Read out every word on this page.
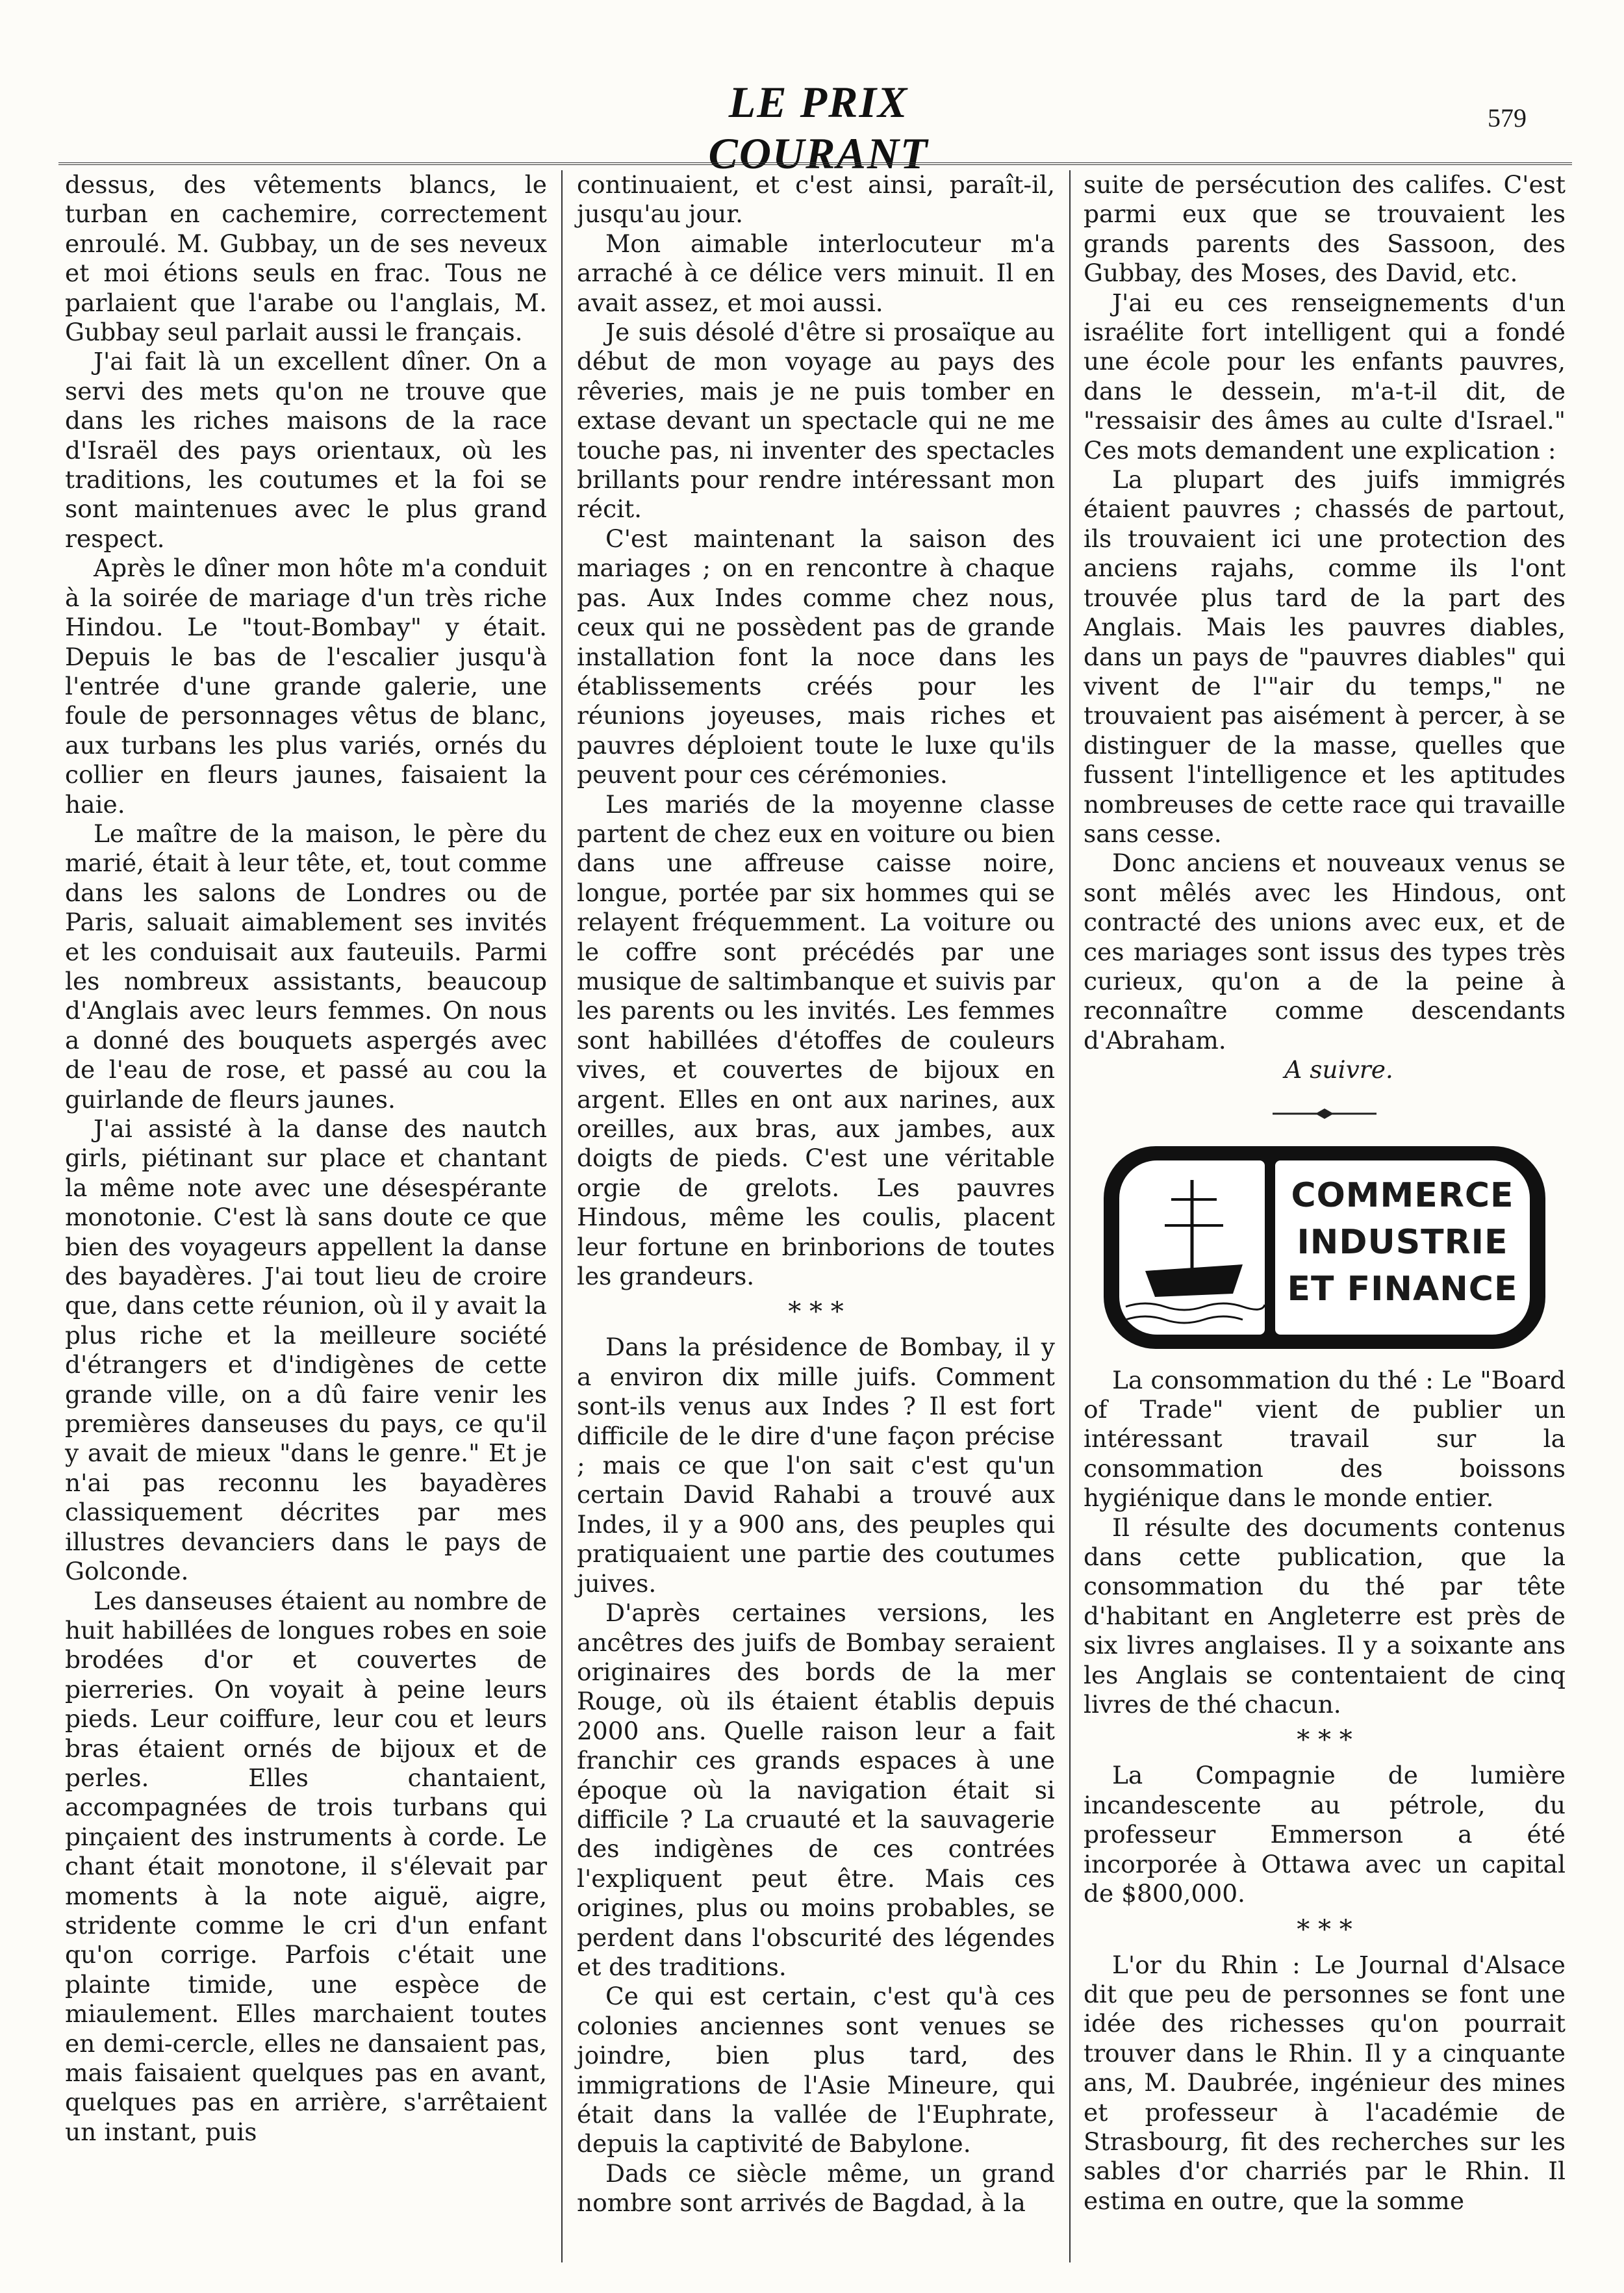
LE PRIX COURANT
579

dessus, des vêtements blancs, le turban en cachemire, correctement enroulé. M. Gubbay, un de ses neveux et moi étions seuls en frac. Tous ne parlaient que l'arabe ou l'anglais, M. Gubbay seul parlait aussi le français.

J'ai fait là un excellent dîner. On a servi des mets qu'on ne trouve que dans les riches maisons de la race d'Israël des pays orientaux, où les traditions, les coutumes et la foi se sont maintenues avec le plus grand respect.

Après le dîner mon hôte m'a conduit à la soirée de mariage d'un très riche Hindou. Le "tout-Bombay" y était. Depuis le bas de l'escalier jusqu'à l'entrée d'une grande galerie, une foule de personnages vêtus de blanc, aux turbans les plus variés, ornés du collier en fleurs jaunes, faisaient la haie.

Le maître de la maison, le père du marié, était à leur tête, et, tout comme dans les salons de Londres ou de Paris, saluait aimablement ses invités et les conduisait aux fauteuils. Parmi les nombreux assistants, beaucoup d'Anglais avec leurs femmes. On nous a donné des bouquets aspergés avec de l'eau de rose, et passé au cou la guirlande de fleurs jaunes.

J'ai assisté à la danse des nautch girls, piétinant sur place et chantant la même note avec une désespérante monotonie. C'est là sans doute ce que bien des voyageurs appellent la danse des bayadères. J'ai tout lieu de croire que, dans cette réunion, où il y avait la plus riche et la meilleure société d'étrangers et d'indigènes de cette grande ville, on a dû faire venir les premières danseuses du pays, ce qu'il y avait de mieux "dans le genre." Et je n'ai pas reconnu les bayadères classiquement décrites par mes illustres devanciers dans le pays de Golconde.

Les danseuses étaient au nombre de huit habillées de longues robes en soie brodées d'or et couvertes de pierreries. On voyait à peine leurs pieds. Leur coiffure, leur cou et leurs bras étaient ornés de bijoux et de perles. Elles chantaient, accompagnées de trois turbans qui pinçaient des instruments à corde. Le chant était monotone, il s'élevait par moments à la note aiguë, aigre, stridente comme le cri d'un enfant qu'on corrige. Parfois c'était une plainte timide, une espèce de miaulement. Elles marchaient toutes en demi-cercle, elles ne dansaient pas, mais faisaient quelques pas en avant, quelques pas en arrière, s'arrêtaient un instant, puis

continuaient, et c'est ainsi, paraît-il, jusqu'au jour.

Mon aimable interlocuteur m'a arraché à ce délice vers minuit. Il en avait assez, et moi aussi.

Je suis désolé d'être si prosaïque au début de mon voyage au pays des rêveries, mais je ne puis tomber en extase devant un spectacle qui ne me touche pas, ni inventer des spectacles brillants pour rendre intéressant mon récit.

C'est maintenant la saison des mariages ; on en rencontre à chaque pas. Aux Indes comme chez nous, ceux qui ne possèdent pas de grande installation font la noce dans les établissements créés pour les réunions joyeuses, mais riches et pauvres déploient toute le luxe qu'ils peuvent pour ces cérémonies.

Les mariés de la moyenne classe partent de chez eux en voiture ou bien dans une affreuse caisse noire, longue, portée par six hommes qui se relayent fréquemment. La voiture ou le coffre sont précédés par une musique de saltimbanque et suivis par les parents ou les invités. Les femmes sont habillées d'étoffes de couleurs vives, et couvertes de bijoux en argent. Elles en ont aux narines, aux oreilles, aux bras, aux jambes, aux doigts de pieds. C'est une véritable orgie de grelots. Les pauvres Hindous, même les coulis, placent leur fortune en brinborions de toutes les grandeurs.

* * *

Dans la présidence de Bombay, il y a environ dix mille juifs. Comment sont-ils venus aux Indes ? Il est fort difficile de le dire d'une façon précise ; mais ce que l'on sait c'est qu'un certain David Rahabi a trouvé aux Indes, il y a 900 ans, des peuples qui pratiquaient une partie des coutumes juives.

D'après certaines versions, les ancêtres des juifs de Bombay seraient originaires des bords de la mer Rouge, où ils étaient établis depuis 2000 ans. Quelle raison leur a fait franchir ces grands espaces à une époque où la navigation était si difficile ? La cruauté et la sauvagerie des indigènes de ces contrées l'expliquent peut être. Mais ces origines, plus ou moins probables, se perdent dans l'obscurité des légendes et des traditions.

Ce qui est certain, c'est qu'à ces colonies anciennes sont venues se joindre, bien plus tard, des immigrations de l'Asie Mineure, qui était dans la vallée de l'Euphrate, depuis la captivité de Babylone.

Dads ce siècle même, un grand nombre sont arrivés de Bagdad, à la

suite de persécution des califes. C'est parmi eux que se trouvaient les grands parents des Sassoon, des Gubbay, des Moses, des David, etc.

J'ai eu ces renseignements d'un israélite fort intelligent qui a fondé une école pour les enfants pauvres, dans le dessein, m'a-t-il dit, de "ressaisir des âmes au culte d'Israel." Ces mots demandent une explication :

La plupart des juifs immigrés étaient pauvres ; chassés de partout, ils trouvaient ici une protection des anciens rajahs, comme ils l'ont trouvée plus tard de la part des Anglais. Mais les pauvres diables, dans un pays de "pauvres diables" qui vivent de l'"air du temps," ne trouvaient pas aisément à percer, à se distinguer de la masse, quelles que fussent l'intelligence et les aptitudes nombreuses de cette race qui travaille sans cesse.

Donc anciens et nouveaux venus se sont mêlés avec les Hindous, ont contracté des unions avec eux, et de ces mariages sont issus des types très curieux, qu'on a de la peine à reconnaître comme descendants d'Abraham.

A suivre.

COMMERCE
INDUSTRIE
ET FINANCE

La consommation du thé : Le "Board of Trade" vient de publier un intéressant travail sur la consommation des boissons hygiénique dans le monde entier.

Il résulte des documents contenus dans cette publication, que la consommation du thé par tête d'habitant en Angleterre est près de six livres anglaises. Il y a soixante ans les Anglais se contentaient de cinq livres de thé chacun.

* * *

La Compagnie de lumière incandescente au pétrole, du professeur Emmerson a été incorporée à Ottawa avec un capital de $800,000.

* * *

L'or du Rhin : Le Journal d'Alsace dit que peu de personnes se font une idée des richesses qu'on pourrait trouver dans le Rhin. Il y a cinquante ans, M. Daubrée, ingénieur des mines et professeur à l'académie de Strasbourg, fit des recherches sur les sables d'or charriés par le Rhin. Il estima en outre, que la somme
